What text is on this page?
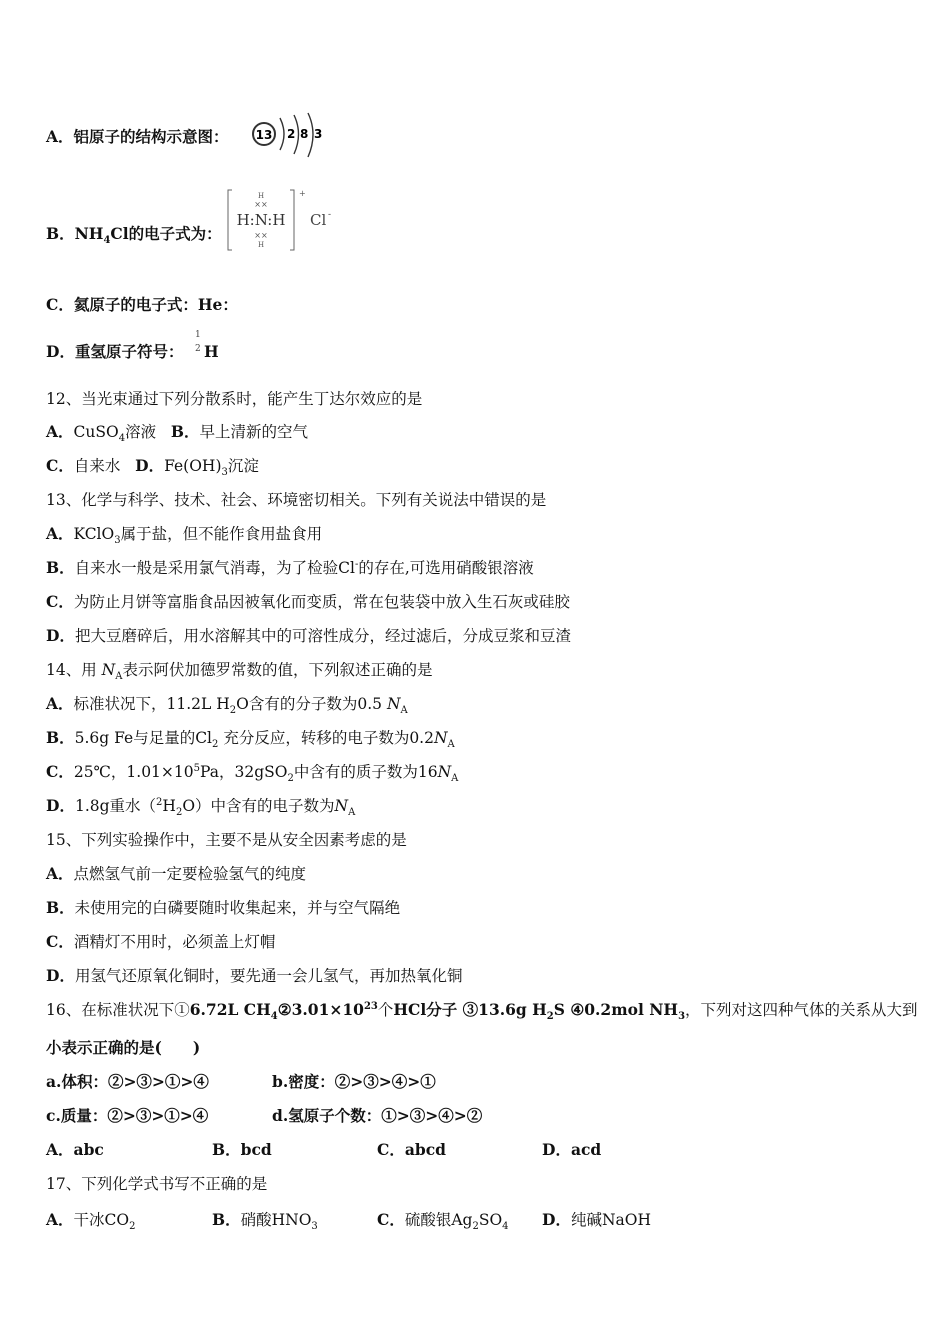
A．铝原子的结构示意图： 13 2 8 3
B．$NH_4Cl$的电子式为：
H
××
H:N:H
××
H
+
Cl -
C．氦原子的电子式：He：
D．重氢原子符号：
1
2 H
12、当光束通过下列分散系时，能产生丁达尔效应的是
A．CuSO$_4$溶液 B．早上清新的空气
C．自来水 D．$Fe(OH)_3$沉淀
13、化学与科学、技术、社会、环境密切相关。下列有关说法中错误的是
A．KClO$_3$属于盐，但不能作食用盐食用
B．自来水一般是采用氯气消毒，为了检验Cl-的存在,可选用硝酸银溶液
C．为防止月饼等富脂食品因被氧化而变质，常在包装袋中放入生石灰或硅胶
D．把大豆磨碎后，用水溶解其中的可溶性成分，经过滤后，分成豆浆和豆渣
14、用 $N_A$表示阿伏加德罗常数的值，下列叙述正确的是
A．标准状况下，11.2L $H_2O$含有的分子数为0.5 $N_A$
B．5.6g Fe与足量的$Cl_2$ 充分反应，转移的电子数为$0.2N_A$
C．25℃，$1.01\times 10^5Pa$，32gSO$_2$中含有的质子数为$16N_A$
D．1.8g重水$(^2H_2O)$中含有的电子数为$N_A$
15、下列实验操作中，主要不是从安全因素考虑的是
A．点燃氢气前一定要检验氢气的纯度
B．未使用完的白磷要随时收集起来，并与空气隔绝
C．酒精灯不用时，必须盖上灯帽
D．用氢气还原氧化铜时，要先通一会儿氢气，再加热氧化铜
16、在标准状况下①6.72L $CH_4②3.01\times 10^{23}$个HCl分子 ③13.6g $H_2S$ ④0.2mol $NH_3$，下列对这四种气体的关系从大到
小表示正确的是(　　)
a.体积：②>③>①>④	b.密度：②>③>④>①
c.质量：②>③>①>④	d.氢原子个数：①>③>④>②
A．abc	B．bcd	C．abcd	D．acd
17、下列化学式书写不正确的是
A．干冰$CO_2$	B．硝酸$HNO_3$	C．硫酸银$Ag_2SO_4$ D．纯碱NaOH
